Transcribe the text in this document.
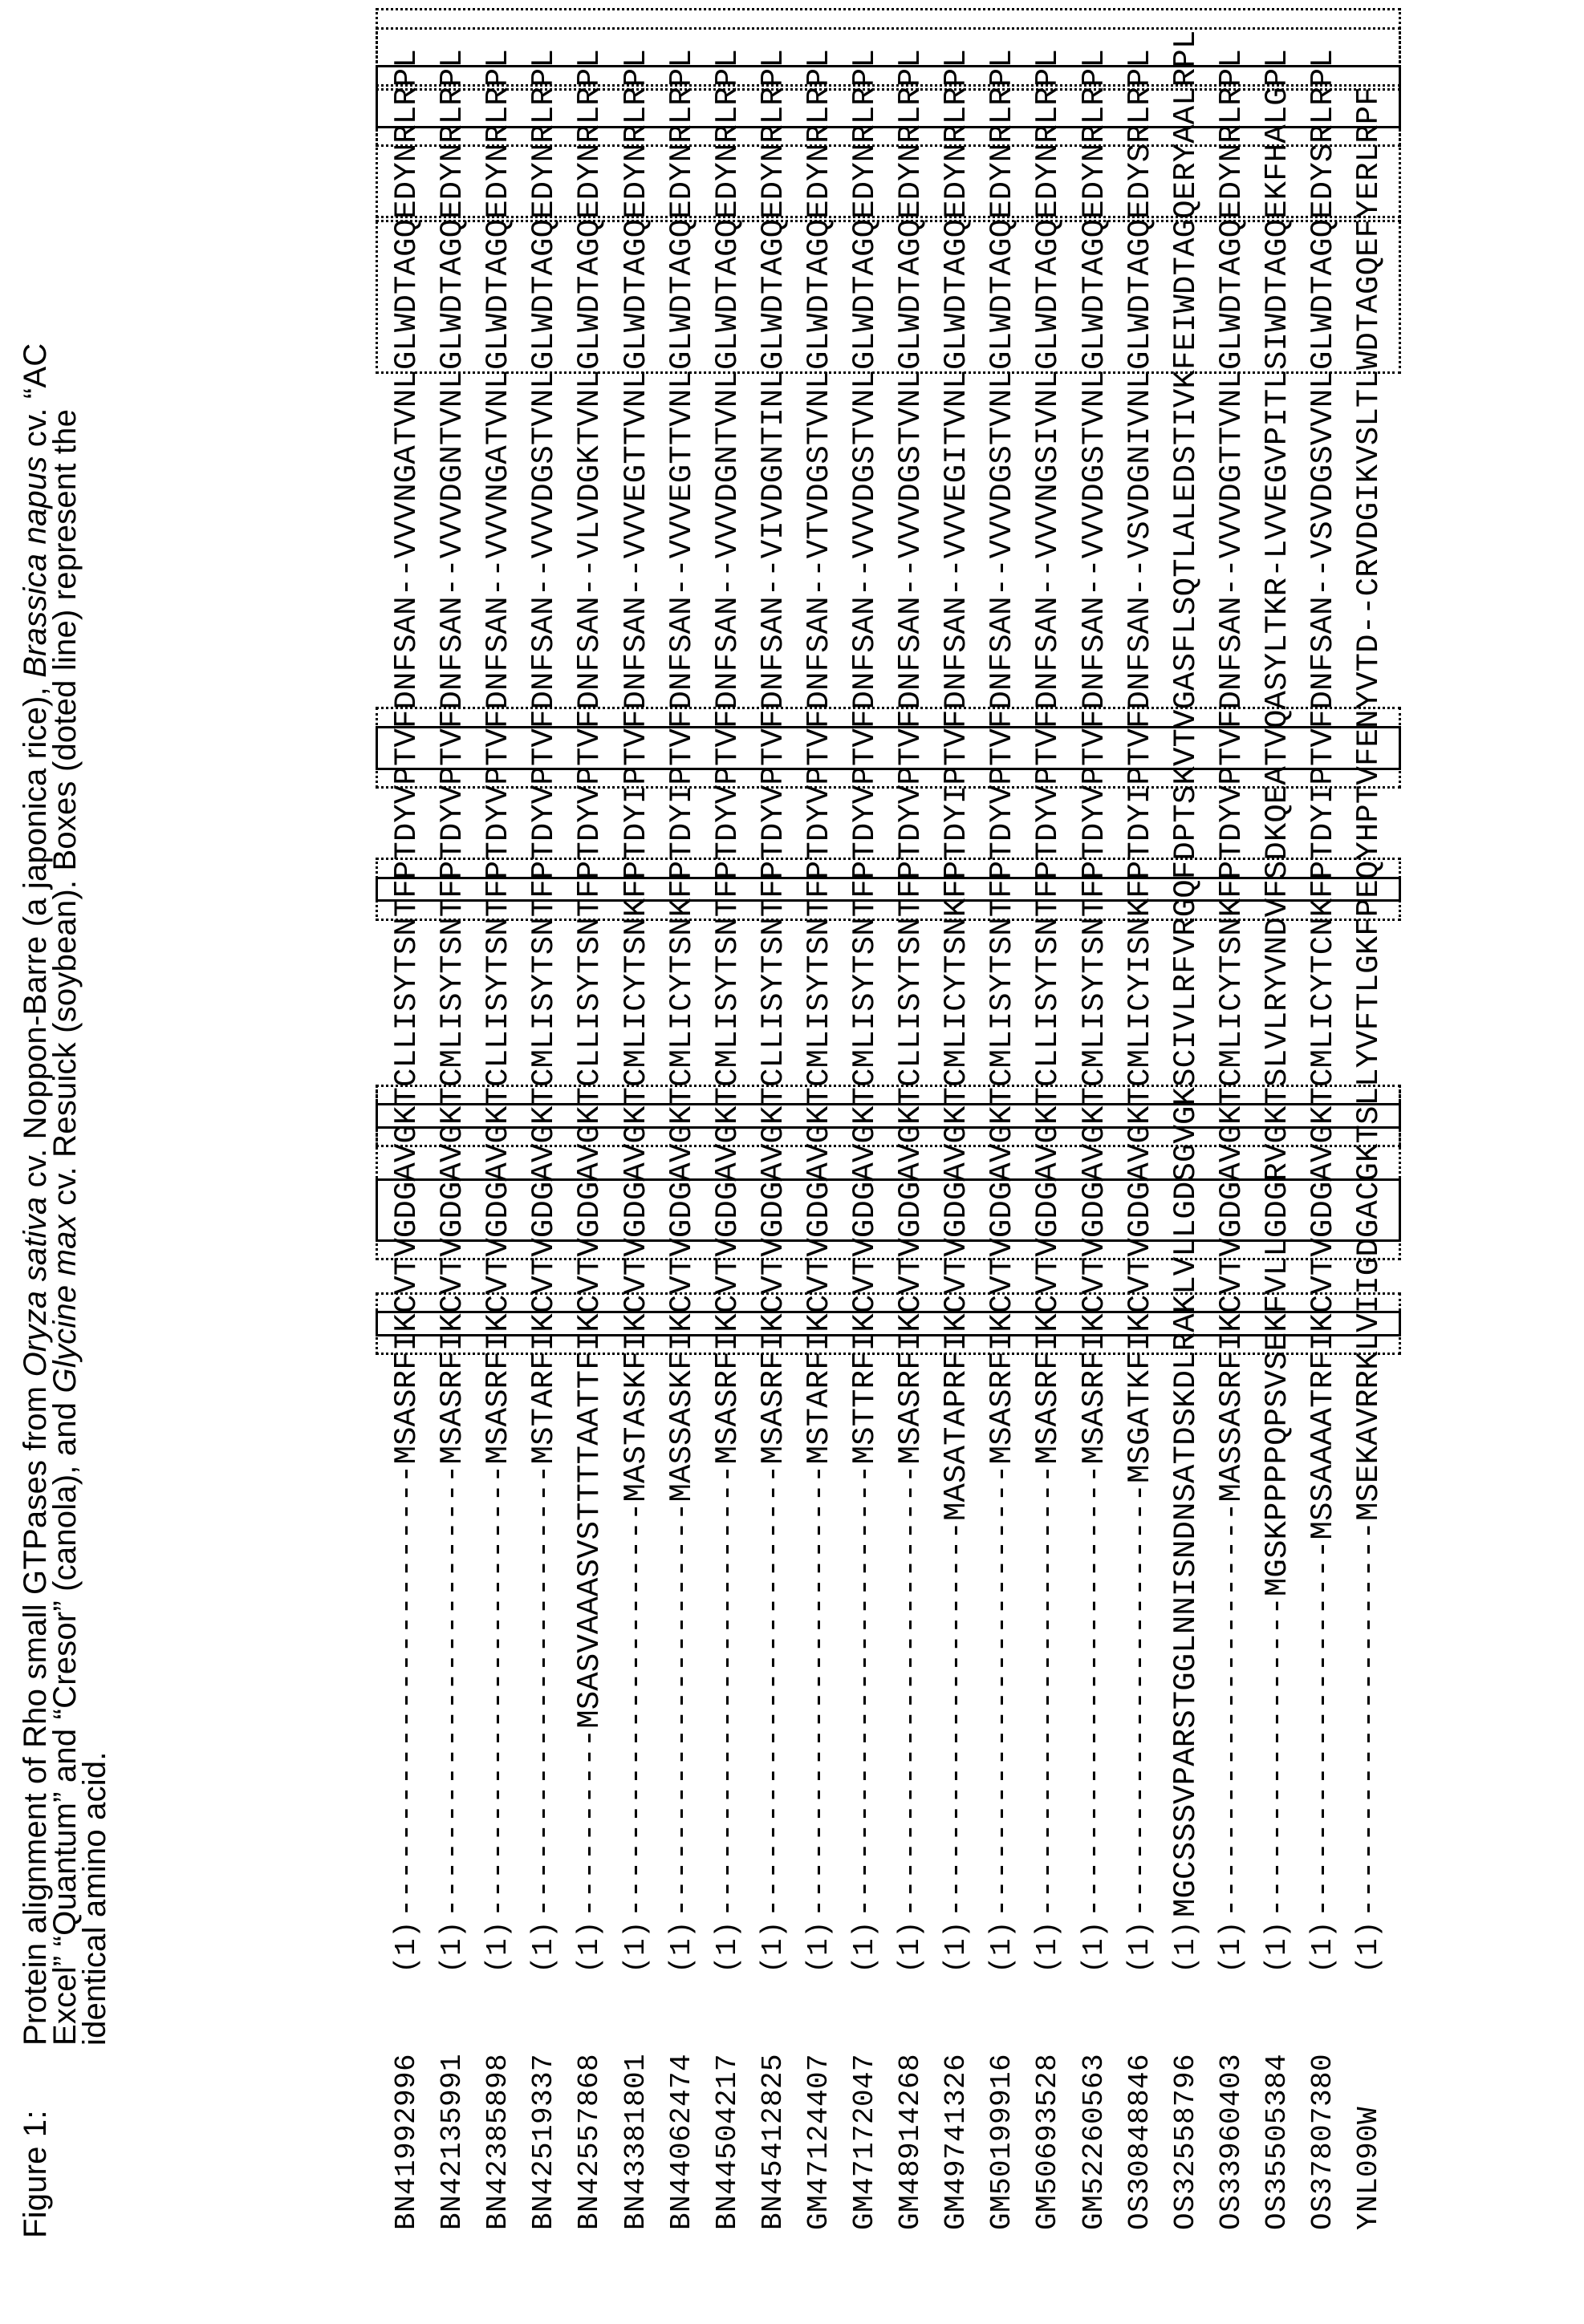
Figure 1:
Protein alignment of Rho small GTPases from Oryza sativa cv. Noppon-Barre (a japonica rice), Brassica napus cv. “AC
Excel” “Quantum” and “Cresor” (canola), and Glycine max cv. Resuick (soybean). Boxes (doted line) represent the
identical amino acid.
BN41992996
(1)
------------------------MSASRFIKCVTVGDGAVGKTCLLISYTSNTFPTDYVPTVFDNFSAN--VVVNGATVNLGLWDTAGQEDYNRLRPL
BN42135991
(1)
------------------------MSASRFIKCVTVGDGAVGKTCMLISYTSNTFPTDYVPTVFDNFSAN--VVVDGNTVNLGLWDTAGQEDYNRLRPL
BN42385898
(1)
------------------------MSASRFIKCVTVGDGAVGKTCLLISYTSNTFPTDYVPTVFDNFSAN--VVVNGATVNLGLWDTAGQEDYNRLRPL
BN42519337
(1)
------------------------MSTARFIKCVTVGDGAVGKTCMLISYTSNTFPTDYVPTVFDNFSAN--VVVDGSTVNLGLWDTAGQEDYNRLRPL
BN42557868
(1)
----------MSASVAAASVSTTTTAATTFIKCVTVGDGAVGKTCLLISYTSNTFPTDYVPTVFDNFSAN--VLVDGKTVNLGLWDTAGQEDYNRLRPL
BN43381801
(1)
----------------------MASTASKFIKCVTVGDGAVGKTCMLICYTSNKFPTDYIPTVFDNFSAN--VVVEGTTVNLGLWDTAGQEDYNRLRPL
BN44062474
(1)
----------------------MASSASKFIKCVTVGDGAVGKTCMLICYTSNKFPTDYIPTVFDNFSAN--VVVEGTTVNLGLWDTAGQEDYNRLRPL
BN44504217
(1)
------------------------MSASRFIKCVTVGDGAVGKTCMLISYTSNTFPTDYVPTVFDNFSAN--VVVDGNTVNLGLWDTAGQEDYNRLRPL
BN45412825
(1)
------------------------MSASRFIKCVTVGDGAVGKTCLLISYTSNTFPTDYVPTVFDNFSAN--VIVDGNTINLGLWDTAGQEDYNRLRPL
GM47124407
(1)
------------------------MSTARFIKCVTVGDGAVGKTCMLISYTSNTFPTDYVPTVFDNFSAN--VTVDGSTVNLGLWDTAGQEDYNRLRPL
GM47172047
(1)
------------------------MSTTRFIKCVTVGDGAVGKTCMLISYTSNTFPTDYVPTVFDNFSAN--VVVDGSTVNLGLWDTAGQEDYNRLRPL
GM48914268
(1)
------------------------MSASRFIKCVTVGDGAVGKTCLLISYTSNTFPTDYVPTVFDNFSAN--VVVDGSTVNLGLWDTAGQEDYNRLRPL
GM49741326
(1)
---------------------MASATAPRFIKCVTVGDGAVGKTCMLICYTSNKFPTDYIPTVFDNFSAN--VVVEGITVNLGLWDTAGQEDYNRLRPL
GM50199916
(1)
------------------------MSASRFIKCVTVGDGAVGKTCMLISYTSNTFPTDYVPTVFDNFSAN--VVVDGSTVNLGLWDTAGQEDYNRLRPL
GM50693528
(1)
------------------------MSASRFIKCVTVGDGAVGKTCLLISYTSNTFPTDYVPTVFDNFSAN--VVVNGSIVNLGLWDTAGQEDYNRLRPL
GM52260563
(1)
------------------------MSASRFIKCVTVGDGAVGKTCMLISYTSNTFPTDYVPTVFDNFSAN--VVVDGSTVNLGLWDTAGQEDYNRLRPL
OS30848846
(1)
-----------------------MSGATKFIKCVTVGDGAVGKTCMLICYISNKFPTDYIPTVFDNFSAN--VSVDGNIVNLGLWDTAGQEDYSRLRPL
OS32558796
(1)
MGCSSSVPARSTGGLNNISNDNSATDSKDLRAKLVLLGDSGVGKSCIVLRFVRGQFDPTSKVTVGASFLSQTLALEDSTIVKFEIWDTAGQERYAALRPL
OS33960403
(1)
----------------------MASSASRFIKCVTVGDGAVGKTCMLICYTSNKFPTDYVPTVFDNFSAN--VVVDGTTVNLGLWDTAGQEDYNRLRPL
OS35505384
(1)
-----------------MGSKPPPPQPSVSEKFVLLGDGRVGKTSLVLRYVNDVFSDKQEATVQASYLTKR-LVVEGVPITLSIWDTAGQEKFHALGPL
OS37807380
(1)
--------------------MSSAAAATRFIKCVTVGDGAVGKTCMLICYTCNKFPTDYIPTVFDNFSAN--VSVDGSVVNLGLWDTAGQEDYSRLRPL
YNL090W
(1)
---------------------MSEKAVRRKLVIIGDGACGKTSLLYVFTLGKFPEQYHPTVFENYVTD--CRVDGIKVSLTLWDTAGQEFYERLRPF
